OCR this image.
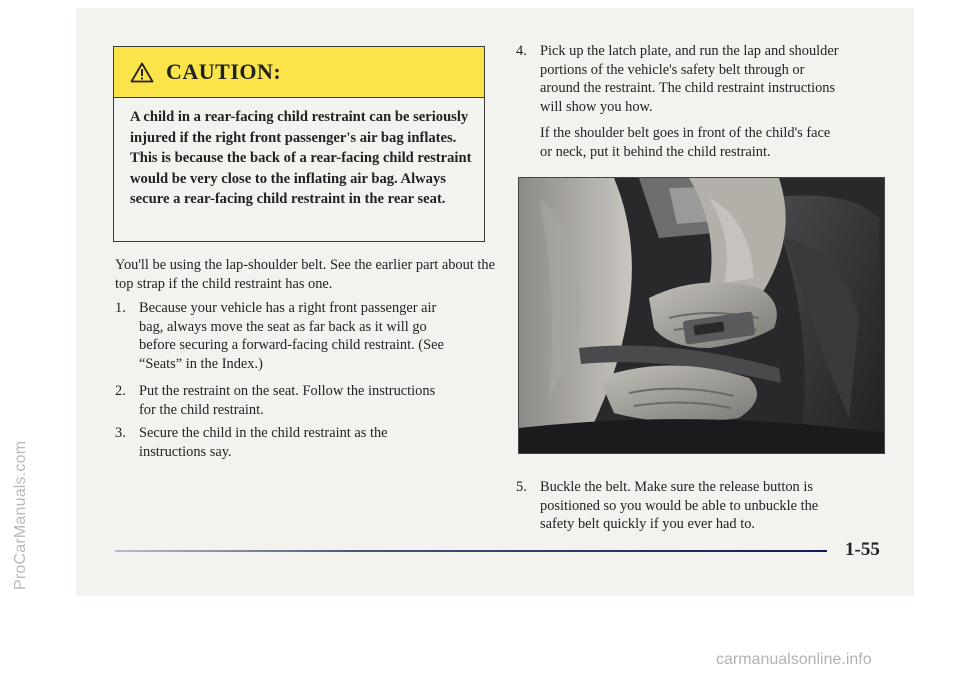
ProCarManuals.com
CAUTION:
A child in a rear-facing child restraint can be seriously injured if the right front passenger's air bag inflates. This is because the back of a rear-facing child restraint would be very close to the inflating air bag. Always secure a rear-facing child restraint in the rear seat.
You'll be using the lap-shoulder belt. See the earlier part about the top strap if the child restraint has one.
1. Because your vehicle has a right front passenger air
bag, always move the seat as far back as it will go
before securing a forward-facing child restraint. (See
“Seats” in the Index.)
2. Put the restraint on the seat. Follow the instructions
for the child restraint.
3. Secure the child in the child restraint as the
instructions say.
4. Pick up the latch plate, and run the lap and shoulder
portions of the vehicle's safety belt through or
around the restraint. The child restraint instructions
will show you how.
If the shoulder belt goes in front of the child's face
or neck, put it behind the child restraint.
5. Buckle the belt. Make sure the release button is
positioned so you would be able to unbuckle the
safety belt quickly if you ever had to.
1-55
carmanualsonline.info
